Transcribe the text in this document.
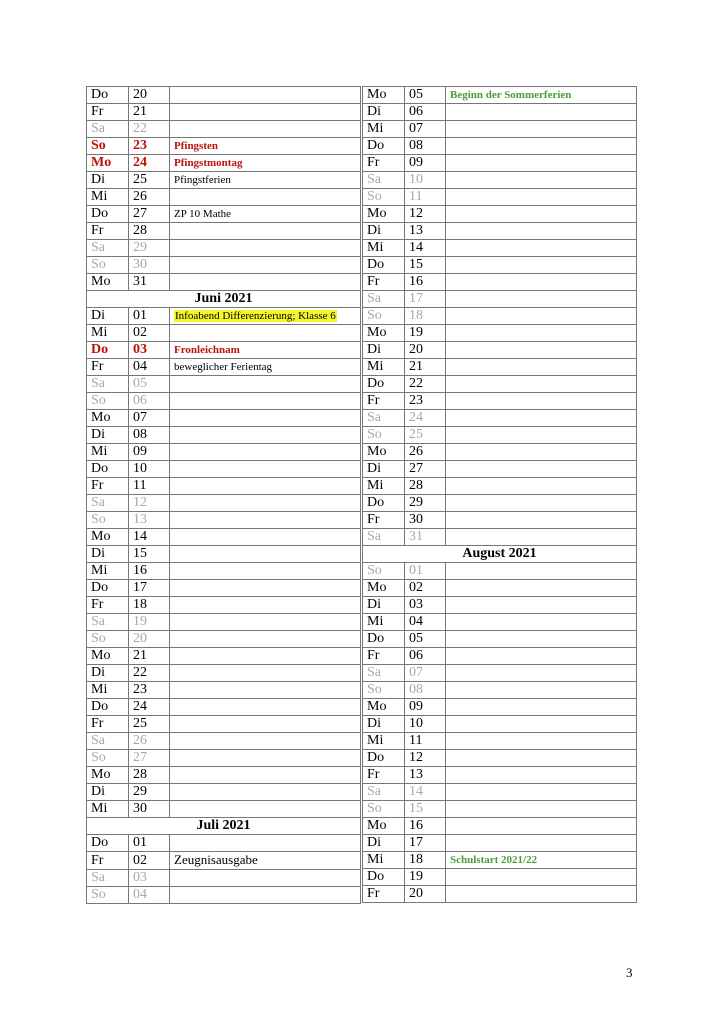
Do	20	
Fr	21	
Sa	22	
So	23	Pfingsten
Mo	24	Pfingstmontag
Di	25	Pfingstferien
Mi	26	
Do	27	ZP 10 Mathe
Fr	28	
Sa	29	
So	30	
Mo	31	
Juni 2021		
Di	01	Infoabend Differenzierung; Klasse 6
Mi	02	
Do	03	Fronleichnam
Fr	04	beweglicher Ferientag
Sa	05	
So	06	
Mo	07	
Di	08	
Mi	09	
Do	10	
Fr	11	
Sa	12	
So	13	
Mo	14	
Di	15	
Mi	16	
Do	17	
Fr	18	
Sa	19	
So	20	
Mo	21	
Di	22	
Mi	23	
Do	24	
Fr	25	
Sa	26	
So	27	
Mo	28	
Di	29	
Mi	30	
Juli 2021		
Do	01	
Fr	02	Zeugnisausgabe
Sa	03	
So	04	
Mo	05	Beginn der Sommerferien
Di	06	
Mi	07	
Do	08	
Fr	09	
Sa	10	
So	11	
Mo	12	
Di	13	
Mi	14	
Do	15	
Fr	16	
Sa	17	
So	18	
Mo	19	
Di	20	
Mi	21	
Do	22	
Fr	23	
Sa	24	
So	25	
Mo	26	
Di	27	
Mi	28	
Do	29	
Fr	30	
Sa	31	
August 2021		
So	01	
Mo	02	
Di	03	
Mi	04	
Do	05	
Fr	06	
Sa	07	
So	08	
Mo	09	
Di	10	
Mi	11	
Do	12	
Fr	13	
Sa	14	
So	15	
Mo	16	
Di	17	
Mi	18	Schulstart 2021/22
Do	19	
Fr	20	
3
